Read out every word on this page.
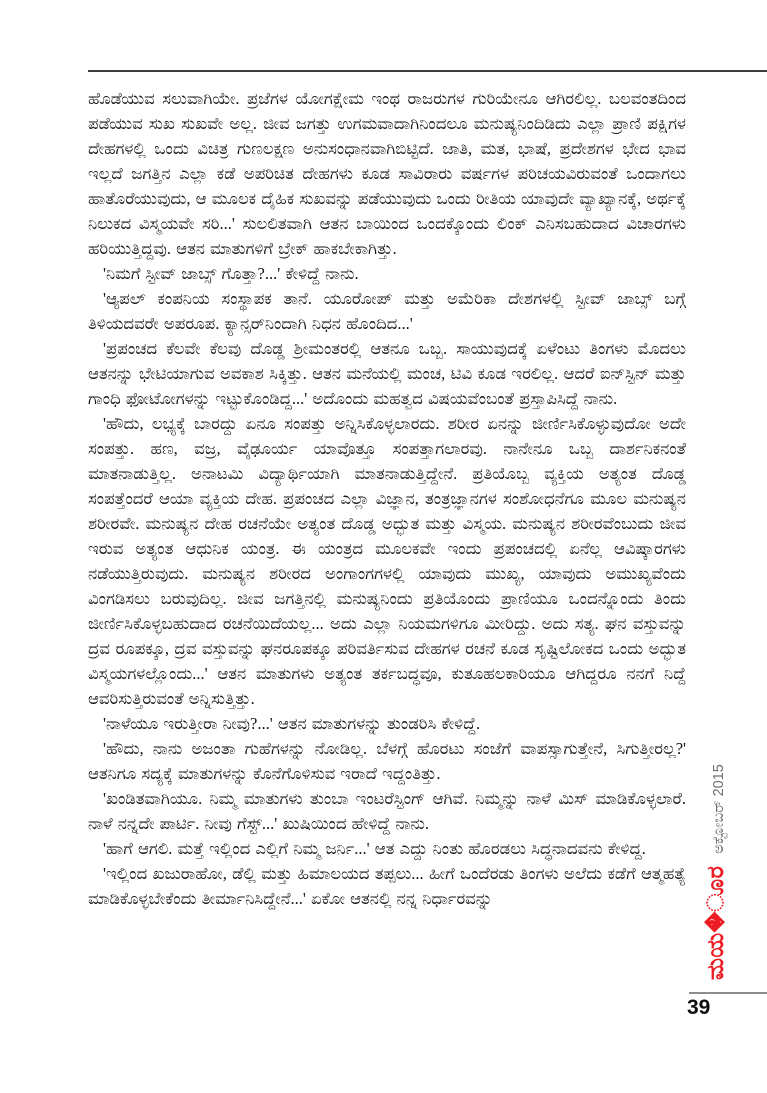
ಹೊಡೆಯುವ ಸಲುವಾಗಿಯೇ. ಪ್ರಜೆಗಳ ಯೋಗಕ್ಷೇಮ ಇಂಥ ರಾಜರುಗಳ ಗುರಿಯೇನೂ ಆಗಿರಲಿಲ್ಲ. ಬಲವಂತದಿಂದ ಪಡೆಯುವ ಸುಖ ಸುಖವೇ ಅಲ್ಲ. ಜೀವ ಜಗತ್ತು ಉಗಮವಾದಾಗಿನಿಂದಲೂ ಮನುಷ್ಯನಿಂದಿಡಿದು ಎಲ್ಲಾ ಪ್ರಾಣಿ ಪಕ್ಷಿಗಳ ದೇಹಗಳಲ್ಲಿ ಒಂದು ವಿಚಿತ್ರ ಗುಣಲಕ್ಷಣ ಅನುಸಂಧಾನವಾಗಿಬಿಟ್ಟಿದೆ. ಜಾತಿ, ಮತ, ಭಾಷೆ, ಪ್ರದೇಶಗಳ ಭೇದ ಭಾವ ಇಲ್ಲದೆ ಜಗತ್ತಿನ ಎಲ್ಲಾ ಕಡೆ ಅಪರಿಚಿತ ದೇಹಗಳು ಕೂಡ ಸಾವಿರಾರು ವರ್ಷಗಳ ಪರಿಚಯವಿರುವಂತೆ ಒಂದಾಗಲು ಹಾತೊರೆಯುವುದು, ಆ ಮೂಲಕ ದೈಹಿಕ ಸುಖವನ್ನು ಪಡೆಯುವುದು ಒಂದು ರೀತಿಯ ಯಾವುದೇ ವ್ಯಾಖ್ಯಾನಕ್ಕೆ, ಅರ್ಥಕ್ಕೆ ನಿಲುಕದ ವಿಸ್ಮಯವೇ ಸರಿ...' ಸುಲಲಿತವಾಗಿ ಆತನ ಬಾಯಿಂದ ಒಂದಕ್ಕೊಂದು ಲಿಂಕ್ ಎನಿಸಬಹುದಾದ ವಿಚಾರಗಳು ಹರಿಯುತ್ತಿದ್ದವು. ಆತನ ಮಾತುಗಳಿಗೆ ಬ್ರೇಕ್ ಹಾಕಬೇಕಾಗಿತ್ತು.

'ನಿಮಗೆ ಸ್ಟೀವ್ ಜಾಬ್ಸ್ ಗೊತ್ತಾ?...' ಕೇಳಿದ್ದೆ ನಾನು.

'ಆ್ಯಪಲ್ ಕಂಪನಿಯ ಸಂಸ್ಥಾಪಕ ತಾನೆ. ಯೂರೋಪ್ ಮತ್ತು ಅಮೆರಿಕಾ ದೇಶಗಳಲ್ಲಿ ಸ್ಟೀವ್ ಜಾಬ್ಸ್ ಬಗ್ಗೆ ತಿಳಿಯದವರೇ ಅಪರೂಪ. ಕ್ಯಾನ್ಸರ್‌ನಿಂದಾಗಿ ನಿಧನ ಹೊಂದಿದ...'

'ಪ್ರಪಂಚದ ಕೆಲವೇ ಕೆಲವು ದೊಡ್ಡ ಶ್ರೀಮಂತರಲ್ಲಿ ಆತನೂ ಒಬ್ಬ. ಸಾಯುವುದಕ್ಕೆ ಏಳೆಂಟು ತಿಂಗಳು ಮೊದಲು ಆತನನ್ನು ಭೇಟಿಯಾಗುವ ಅವಕಾಶ ಸಿಕ್ಕಿತ್ತು. ಆತನ ಮನೆಯಲ್ಲಿ ಮಂಚ, ಟಿವಿ ಕೂಡ ಇರಲಿಲ್ಲ. ಆದರೆ ಐನ್‌ಸ್ಟಿನ್ ಮತ್ತು ಗಾಂಧಿ ಫೋಟೋಗಳನ್ನು ಇಟ್ಟುಕೊಂಡಿದ್ದ...' ಅದೊಂದು ಮಹತ್ವದ ವಿಷಯವೆಂಬಂತೆ ಪ್ರಸ್ತಾಪಿಸಿದ್ದೆ ನಾನು.

'ಹೌದು, ಲಭ್ಯಕ್ಕೆ ಬಾರದ್ದು ಏನೂ ಸಂಪತ್ತು ಅನ್ನಿಸಿಕೊಳ್ಳಲಾರದು. ಶರೀರ ಏನನ್ನು ಜೀರ್ಣಿಸಿಕೊಳ್ಳುವುದೋ ಅದೇ ಸಂಪತ್ತು. ಹಣ, ವಜ್ರ, ವೈಢೂರ್ಯ ಯಾವೊತ್ತೂ ಸಂಪತ್ತಾಗಲಾರವು. ನಾನೇನೂ ಒಬ್ಬ ದಾರ್ಶನಿಕನಂತೆ ಮಾತನಾಡುತ್ತಿಲ್ಲ. ಅನಾಟಮಿ ವಿದ್ಯಾರ್ಥಿಯಾಗಿ ಮಾತನಾಡುತ್ತಿದ್ದೇನೆ. ಪ್ರತಿಯೊಬ್ಬ ವ್ಯಕ್ತಿಯ ಅತ್ಯಂತ ದೊಡ್ಡ ಸಂಪತ್ತೆಂದರೆ ಆಯಾ ವ್ಯಕ್ತಿಯ ದೇಹ. ಪ್ರಪಂಚದ ಎಲ್ಲಾ ವಿಜ್ಞಾನ, ತಂತ್ರಜ್ಞಾನಗಳ ಸಂಶೋಧನೆಗೂ ಮೂಲ ಮನುಷ್ಯನ ಶರೀರವೇ. ಮನುಷ್ಯನ ದೇಹ ರಚನೆಯೇ ಅತ್ಯಂತ ದೊಡ್ಡ ಅದ್ಭುತ ಮತ್ತು ವಿಸ್ಮಯ. ಮನುಷ್ಯನ ಶರೀರವೆಂಬುದು ಜೀವ ಇರುವ ಅತ್ಯಂತ ಆಧುನಿಕ ಯಂತ್ರ. ಈ ಯಂತ್ರದ ಮೂಲಕವೇ ಇಂದು ಪ್ರಪಂಚದಲ್ಲಿ ಏನೆಲ್ಲ ಆವಿಷ್ಕಾರಗಳು ನಡೆಯುತ್ತಿರುವುದು. ಮನುಷ್ಯನ ಶರೀರದ ಅಂಗಾಂಗಗಳಲ್ಲಿ ಯಾವುದು ಮುಖ್ಯ, ಯಾವುದು ಅಮುಖ್ಯವೆಂದು ವಿಂಗಡಿಸಲು ಬರುವುದಿಲ್ಲ. ಜೀವ ಜಗತ್ತಿನಲ್ಲಿ ಮನುಷ್ಯನಿಂದು ಪ್ರತಿಯೊಂದು ಪ್ರಾಣಿಯೂ ಒಂದನ್ನೊಂದು ತಿಂದು ಜೀರ್ಣಿಸಿಕೊಳ್ಳಬಹುದಾದ ರಚನೆಯಿದೆಯಲ್ಲ... ಅದು ಎಲ್ಲಾ ನಿಯಮಗಳಿಗೂ ಮೀರಿದ್ದು. ಅದು ಸತ್ಯ. ಘನ ವಸ್ತುವನ್ನು ದ್ರವ ರೂಪಕ್ಕೂ, ದ್ರವ ವಸ್ತುವನ್ನು ಘನರೂಪಕ್ಕೂ ಪರಿವರ್ತಿಸುವ ದೇಹಗಳ ರಚನೆ ಕೂಡ ಸೃಷ್ಟಿಲೋಕದ ಒಂದು ಅದ್ಭುತ ವಿಸ್ಮಯಗಳಲ್ಲೊಂದು...' ಆತನ ಮಾತುಗಳು ಅತ್ಯಂತ ತರ್ಕಬದ್ಧವೂ, ಕುತೂಹಲಕಾರಿಯೂ ಆಗಿದ್ದರೂ ನನಗೆ ನಿದ್ದೆ ಆವರಿಸುತ್ತಿರುವಂತೆ ಅನ್ನಿಸುತ್ತಿತ್ತು.

'ನಾಳೆಯೂ ಇರುತ್ತೀರಾ ನೀವು?...' ಆತನ ಮಾತುಗಳನ್ನು ತುಂಡರಿಸಿ ಕೇಳಿದ್ದೆ.

'ಹೌದು, ನಾನು ಅಜಂತಾ ಗುಹೆಗಳನ್ನು ನೋಡಿಲ್ಲ. ಬೆಳಗ್ಗೆ ಹೊರಟು ಸಂಜೆಗೆ ವಾಪಸ್ಸಾಗುತ್ತೇನೆ, ಸಿಗುತ್ತೀರಲ್ಲ?' ಆತನಿಗೂ ಸದ್ಯಕ್ಕೆ ಮಾತುಗಳನ್ನು ಕೊನೆಗೊಳಿಸುವ ಇರಾದೆ ಇದ್ದಂತಿತ್ತು.

'ಖಂಡಿತವಾಗಿಯೂ. ನಿಮ್ಮ ಮಾತುಗಳು ತುಂಬಾ ಇಂಟರೆಸ್ಟಿಂಗ್ ಆಗಿವೆ. ನಿಮ್ಮನ್ನು ನಾಳೆ ಮಿಸ್ ಮಾಡಿಕೊಳ್ಳಲಾರೆ. ನಾಳೆ ನನ್ನದೇ ಪಾರ್ಟಿ. ನೀವು ಗೆಸ್ಟ್...' ಖುಷಿಯಿಂದ ಹೇಳಿದ್ದೆ ನಾನು.

'ಹಾಗೆ ಆಗಲಿ. ಮತ್ತೆ ಇಲ್ಲಿಂದ ಎಲ್ಲಿಗೆ ನಿಮ್ಮ ಜರ್ನಿ...' ಆತ ಎದ್ದು ನಿಂತು ಹೊರಡಲು ಸಿದ್ಧನಾದವನು ಕೇಳಿದ್ದ.

'ಇಲ್ಲಿಂದ ಖಜುರಾಹೋ, ಡೆಲ್ಲಿ ಮತ್ತು ಹಿಮಾಲಯದ ತಪ್ಪಲು... ಹೀಗೆ ಒಂದೆರಡು ತಿಂಗಳು ಅಲೆದು ಕಡೆಗೆ ಆತ್ಮಹತ್ಯೆ ಮಾಡಿಕೊಳ್ಳಬೇಕೆಂದು ತೀರ್ಮಾನಿಸಿದ್ದೇನೆ...' ಏಕೋ ಆತನಲ್ಲಿ ನನ್ನ ನಿರ್ಧಾರವನ್ನು	ಮಯ�ೂರ
ಅಕ್ಟೋಬರ್ 2015
39
